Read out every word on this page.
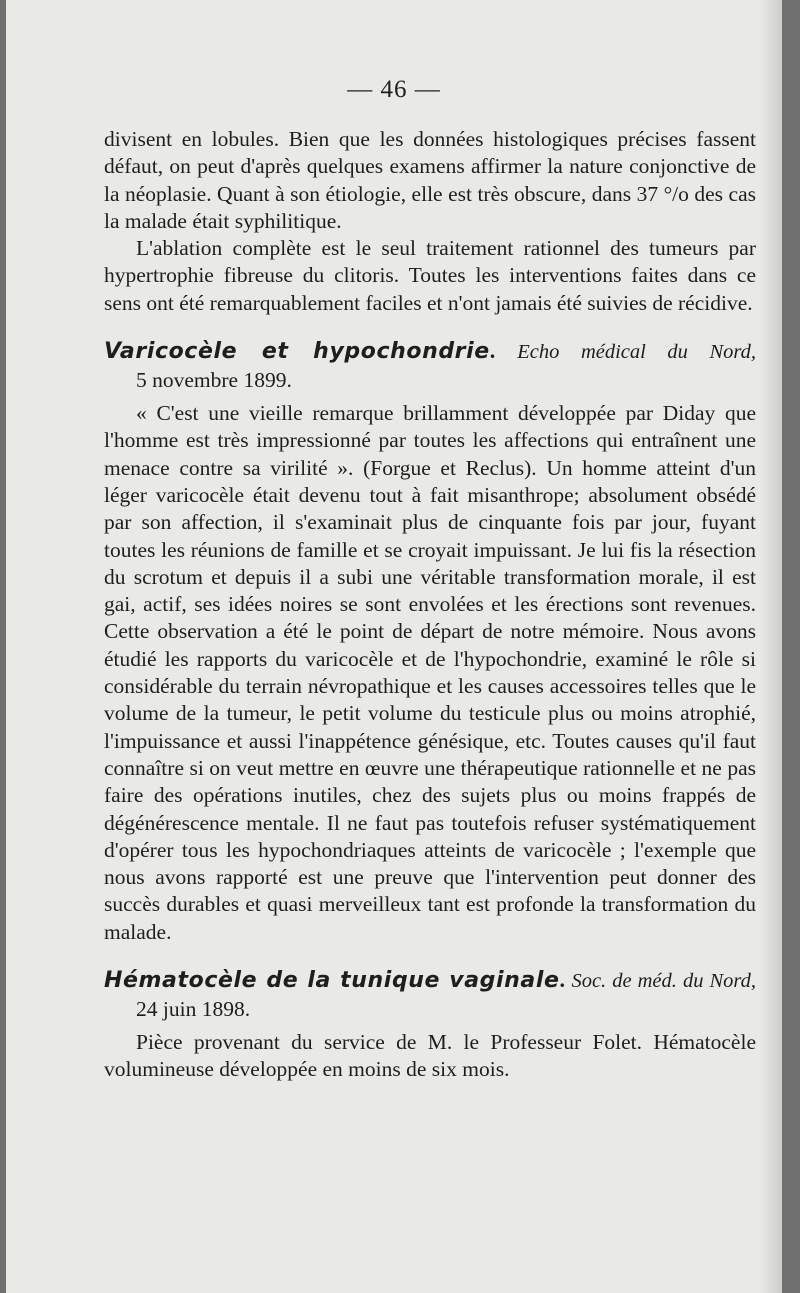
— 46 —

divisent en lobules. Bien que les données histologiques précises fassent défaut, on peut d'après quelques examens affirmer la nature conjonctive de la néoplasie. Quant à son étiologie, elle est très obscure, dans 37 °/o des cas la malade était syphilitique.

L'ablation complète est le seul traitement rationnel des tumeurs par hypertrophie fibreuse du clitoris. Toutes les interventions faites dans ce sens ont été remarquablement faciles et n'ont jamais été suivies de récidive.

Varicocèle et hypochondrie. Echo médical du Nord,
5 novembre 1899.

« C'est une vieille remarque brillamment développée par Diday que l'homme est très impressionné par toutes les affections qui entraînent une menace contre sa virilité ». (Forgue et Reclus). Un homme atteint d'un léger varicocèle était devenu tout à fait misanthrope; absolument obsédé par son affection, il s'examinait plus de cinquante fois par jour, fuyant toutes les réunions de famille et se croyait impuissant. Je lui fis la résection du scrotum et depuis il a subi une véritable transformation morale, il est gai, actif, ses idées noires se sont envolées et les érections sont revenues. Cette observation a été le point de départ de notre mémoire. Nous avons étudié les rapports du varicocèle et de l'hypochondrie, examiné le rôle si considérable du terrain névropathique et les causes accessoires telles que le volume de la tumeur, le petit volume du testicule plus ou moins atrophié, l'impuissance et aussi l'inappétence génésique, etc. Toutes causes qu'il faut connaître si on veut mettre en œuvre une thérapeutique rationnelle et ne pas faire des opérations inutiles, chez des sujets plus ou moins frappés de dégénérescence mentale. Il ne faut pas toutefois refuser systématiquement d'opérer tous les hypochondriaques atteints de varicocèle ; l'exemple que nous avons rapporté est une preuve que l'intervention peut donner des succès durables et quasi merveilleux tant est profonde la transformation du malade.

Hématocèle de la tunique vaginale. Soc. de méd. du Nord,
24 juin 1898.

Pièce provenant du service de M. le Professeur Folet. Hématocèle volumineuse développée en moins de six mois.
